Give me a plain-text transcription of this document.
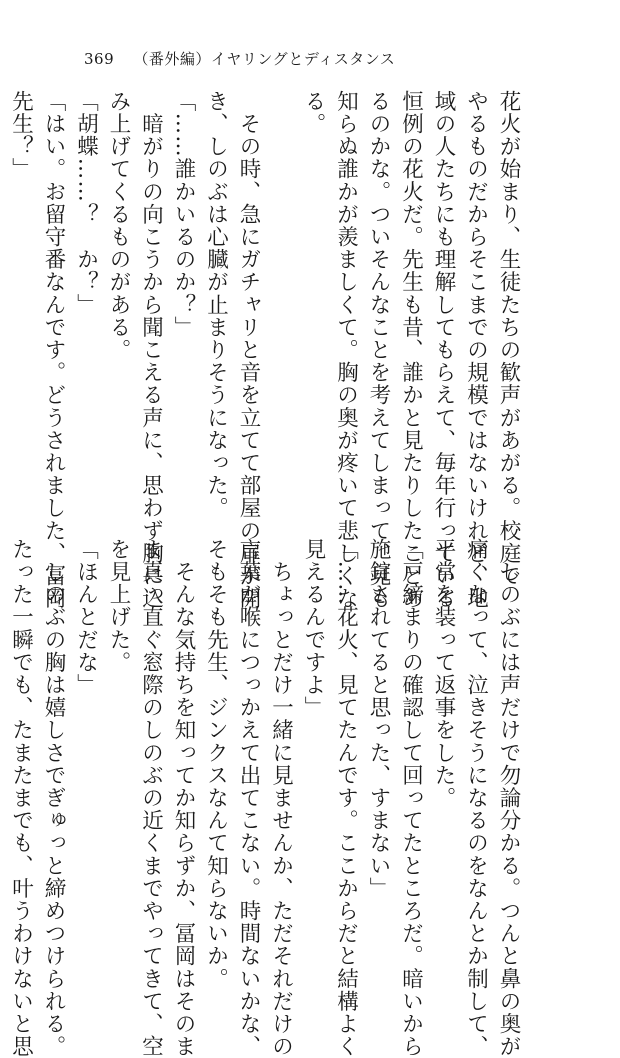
369 （番外編）イヤリングとディスタンス
花火が始まり、生徒たちの歓声があがる。校庭で
やるものだからそこまでの規模ではないけれど、地
域の人たちにも理解してもらえて、毎年行っている
恒例の花火だ。先生も昔、誰かと見たりしたことあ
るのかな。ついそんなことを考えてしまって、見も
知らぬ誰かが羨ましくて。胸の奥が疼いて悲しくな
る。

　その時、急にガチャリと音を立てて部屋の扉が開
き、しのぶは心臓が止まりそうになった。
「……誰かいるのか？」
　暗がりの向こうから聞こえる声に、思わず胸に込
み上げてくるものがある。
「胡蝶……？　か？」
「はい。お留守番なんです。どうされました、冨岡
先生？」
　しのぶには声だけで勿論分かる。つんと鼻の奥が
痛くなって、泣きそうになるのをなんとか制して、
平常を装って返事をした。
「戸締まりの確認して回ってたところだ。暗いから
施錠されてると思った、すまない」
「……花火、見てたんです。ここからだと結構よく
見えるんですよ」
　ちょっとだけ一緒に見ませんか、ただそれだけの
言葉が喉につっかえて出てこない。時間ないかな、
そもそも先生、ジンクスなんて知らないか。
　そんな気持ちを知ってか知らずか、冨岡はそのま
ま真っ直ぐ窓際のしのぶの近くまでやってきて、空
を見上げた。
「ほんとだな」
　しのぶの胸は嬉しさでぎゅっと締めつけられる。
たった一瞬でも、たまたまでも、叶うわけないと思
